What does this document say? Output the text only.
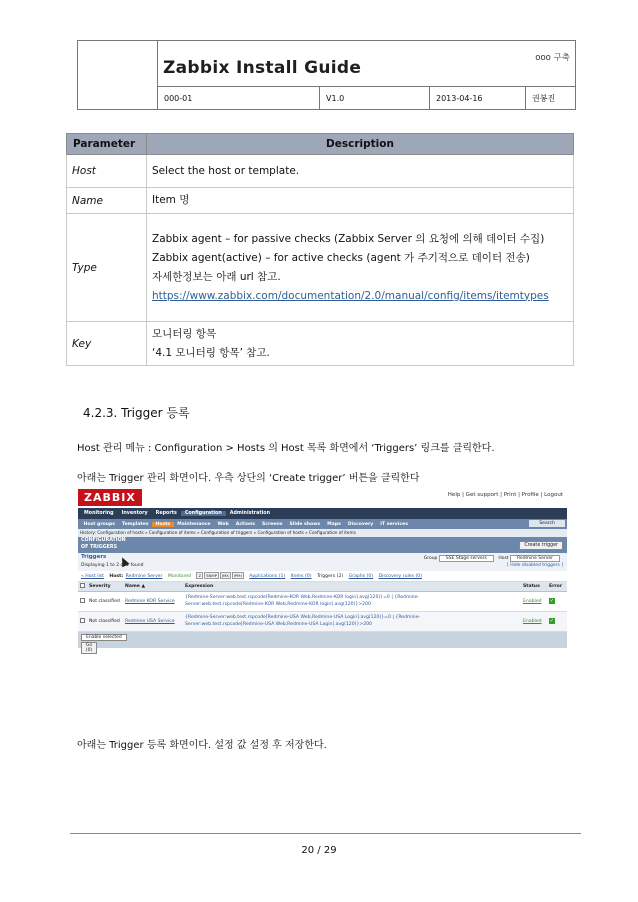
Zabbix Install Guide	ooo 구축
000-01	V1.0	2013-04-16	권봉진
Parameter	Description
Host	Select the host or template.

Name	Item 명

Type	Zabbix agent – for passive checks (Zabbix Server 의 요청에 의해 데이터 수집)
Zabbix agent(active) – for active checks (agent 가 주기적으로 데이터 전송)
자세한정보는 아래 url 참고.
https://www.zabbix.com/documentation/2.0/manual/config/items/itemtypes

Key	모니터링 항목
‘4.1 모니터링 항목’ 참고.
4.2.3. Trigger 등록
Host 관리 메뉴 : Configuration > Hosts 의 Host 목록 화면에서 ‘Triggers’ 링크를 클릭한다.
아래는 Trigger 관리 화면이다. 우측 상단의 ‘Create trigger’ 버튼을 클릭한다
ZABBIX	Help | Get support | Print | Profile | Logout
Monitoring	Inventory	Reports	Configuration	Administration
Host groups	Templates	Hosts	Maintenance	Web	Actions	Screens	Slide shows	Maps	Discovery	IT services	Search
History: Configuration of hosts » Configuration of items » Configuration of triggers » Configuration of hosts » Configuration of items
CONFIGURATION
OF TRIGGERS	Create trigger
Triggers
Displaying 1 to 2 of 2 found
Group SSE Stage servers	Host Redmine Server
[ Hide disabled triggers ]
« Host list Host: Redmine Server Monitored Z SNMP JMX IPMI Applications (1) Items (0) Triggers (2) Graphs (0) Discovery rules (0)
	Severity	Name ▲	Expression	Status	Error
	Not classified	Redmine KOR Service	{Redmine-Server:web.test.rspcode[Redmine-KOR Web,Redmine-KOR login].avg(120)}=0 | {Redmine-
Server:web.test.rspcode[Redmine-KOR Web,Redmine-KOR login].avg(120)}>200	Enabled	✓
	Not classified	Redmine USA Service	{Redmine-Server:web.test.rspcode[Redmine-USA Web,Redmine-USA Login].avg(120)}=0 | {Redmine-
Server:web.test.rspcode[Redmine-USA Web,Redmine-USA Login].avg(120)}>200	Enabled	✓
Enable selected
Go (0)
아래는 Trigger 등록 화면이다. 설정 값 설정 후 저장한다.
20 / 29
